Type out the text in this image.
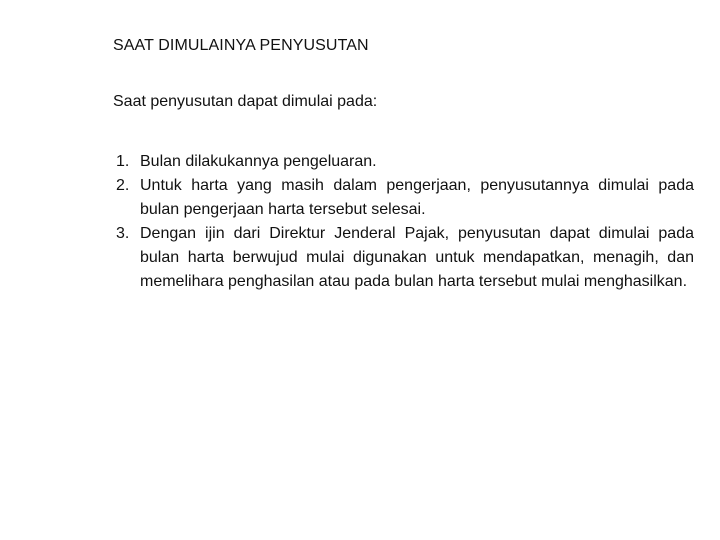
SAAT DIMULAINYA PENYUSUTAN
Saat penyusutan dapat dimulai pada:
1. Bulan dilakukannya pengeluaran.
2. Untuk harta yang masih dalam pengerjaan, penyusutannya dimulai pada bulan pengerjaan harta tersebut selesai.
3. Dengan ijin dari Direktur Jenderal Pajak, penyusutan dapat dimulai pada bulan harta berwujud mulai digunakan untuk mendapatkan, menagih, dan memelihara penghasilan atau pada bulan harta tersebut mulai menghasilkan.
